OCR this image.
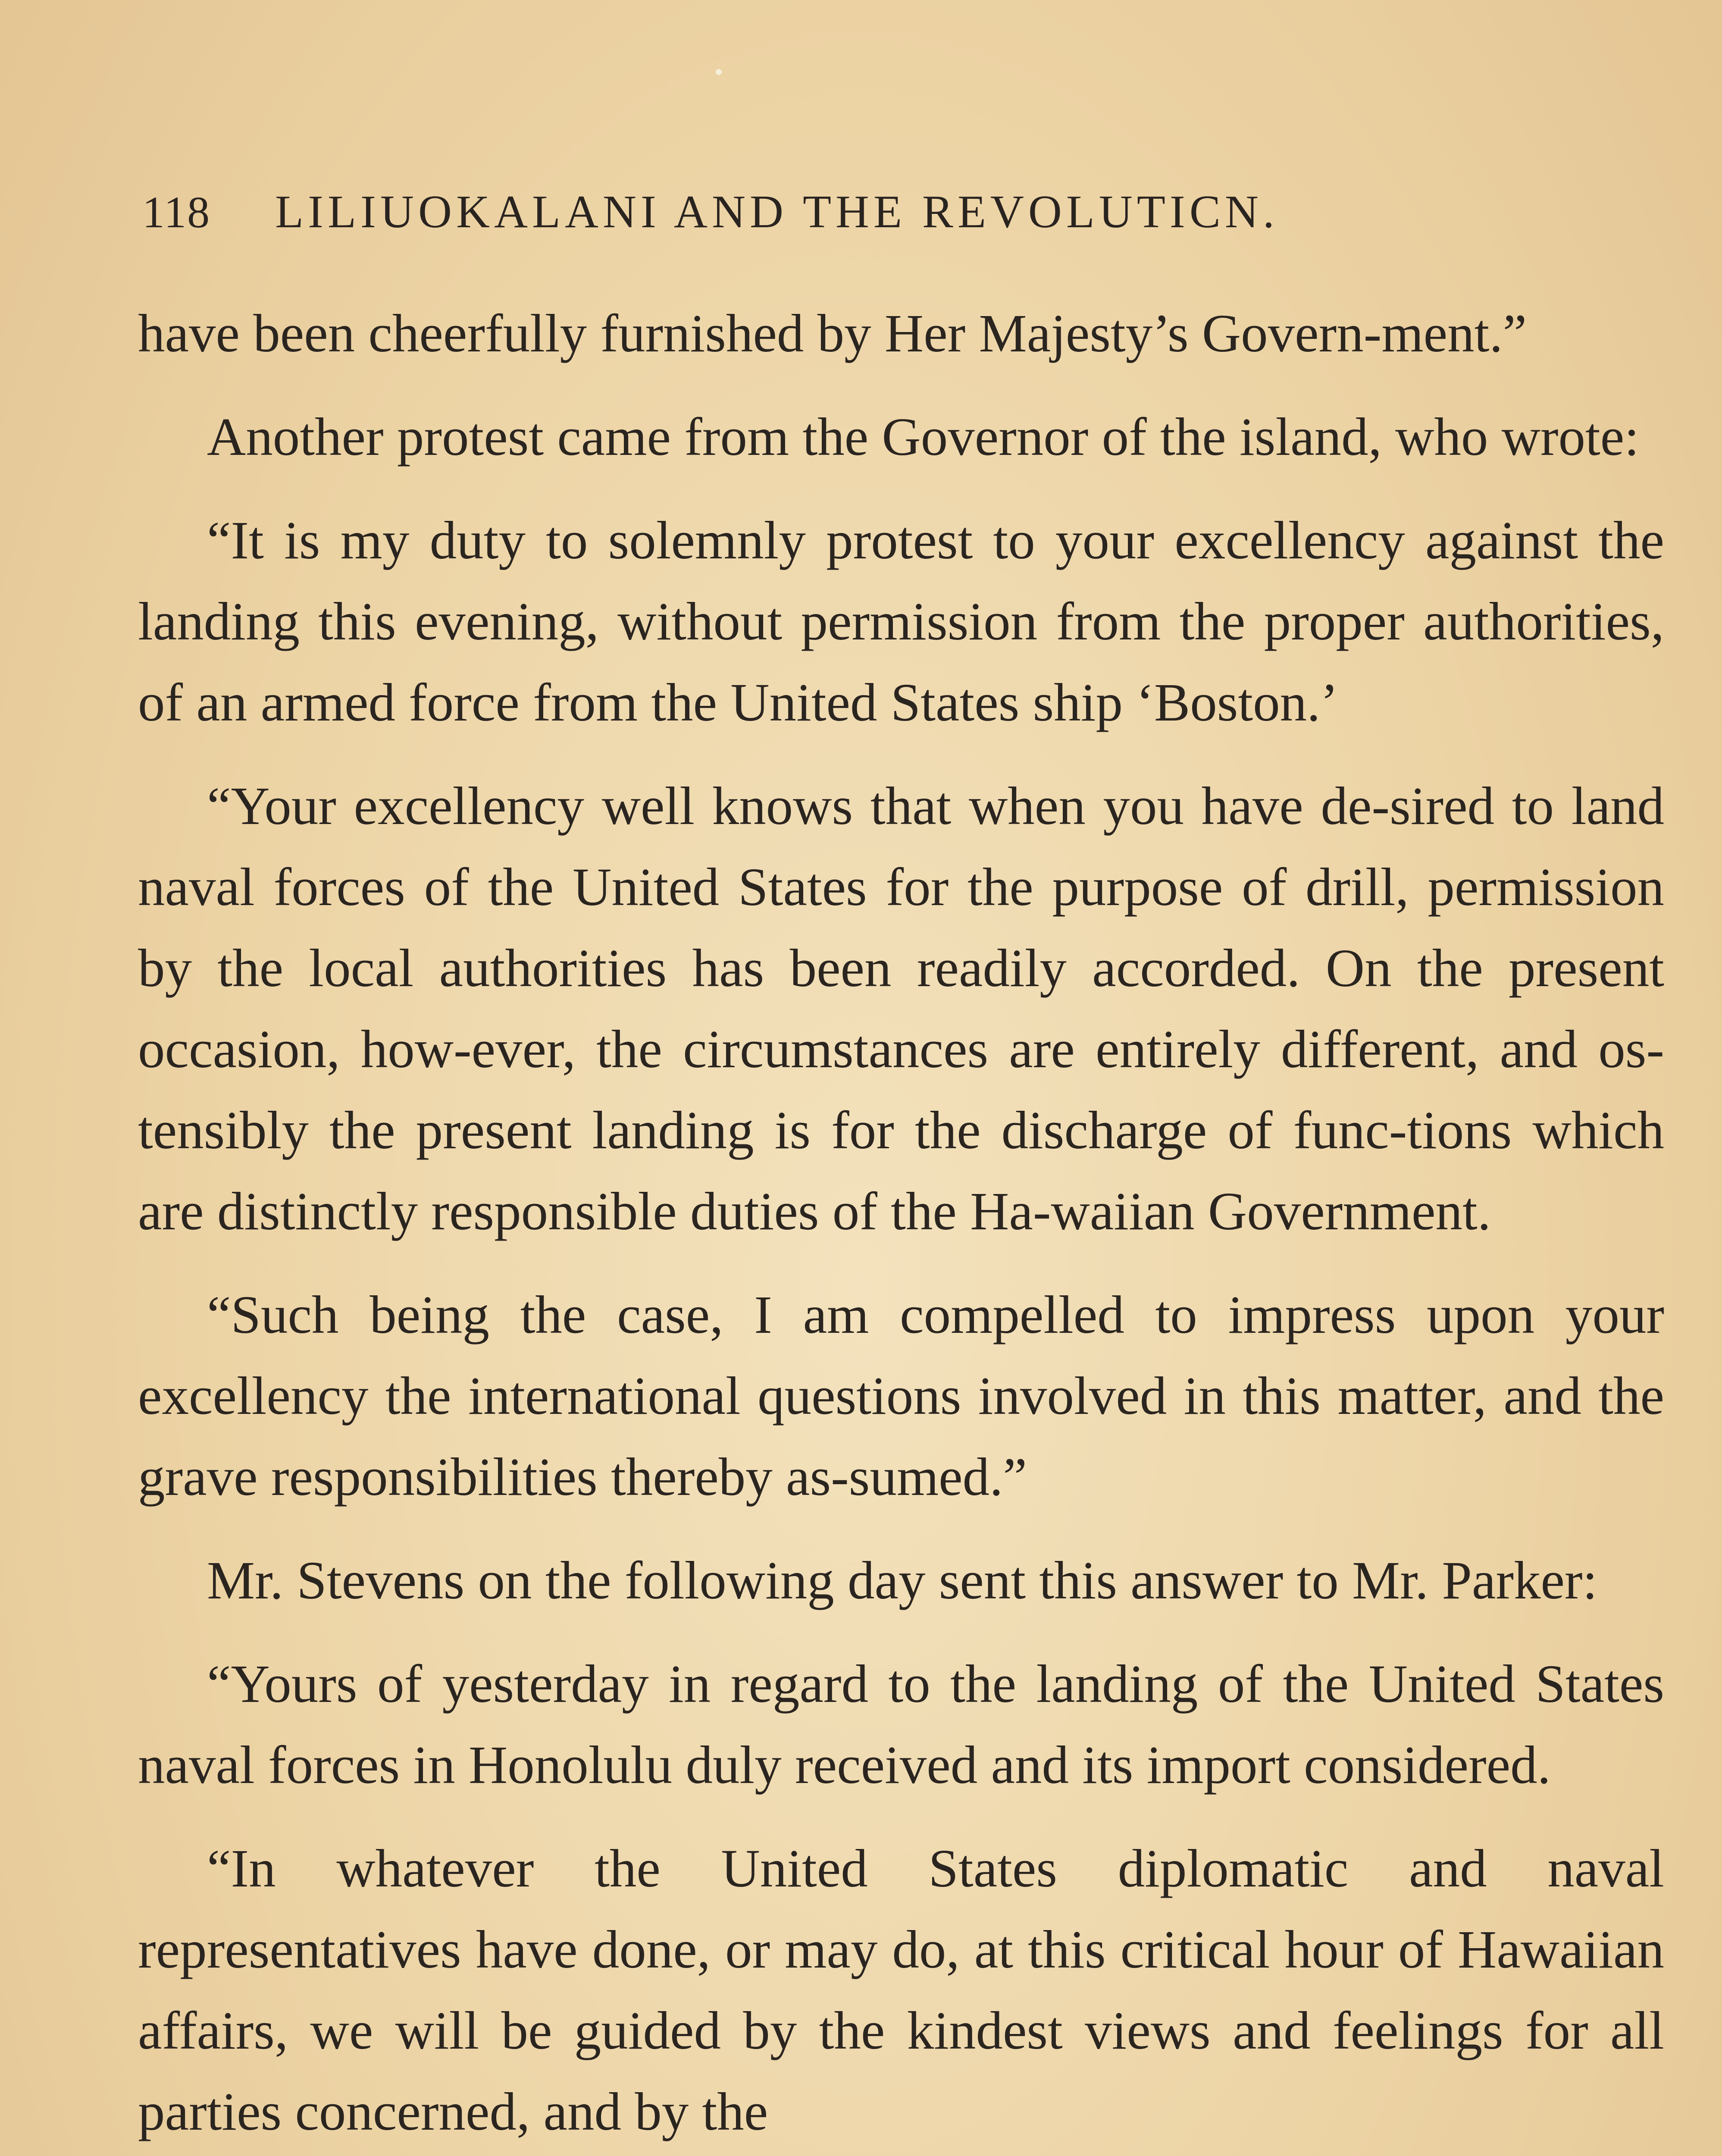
118 LILIUOKALANI AND THE REVOLUTICN.

have been cheerfully furnished by Her Majesty’s Govern-ment.”

Another protest came from the Governor of the island, who wrote:

“It is my duty to solemnly protest to your excellency against the landing this evening, without permission from the proper authorities, of an armed force from the United States ship ‘Boston.’

“Your excellency well knows that when you have de-sired to land naval forces of the United States for the purpose of drill, permission by the local authorities has been readily accorded. On the present occasion, how-ever, the circumstances are entirely different, and os-tensibly the present landing is for the discharge of func-tions which are distinctly responsible duties of the Ha-waiian Government.

“Such being the case, I am compelled to impress upon your excellency the international questions involved in this matter, and the grave responsibilities thereby as-sumed.”

Mr. Stevens on the following day sent this answer to Mr. Parker:

“Yours of yesterday in regard to the landing of the United States naval forces in Honolulu duly received and its import considered.

“In whatever the United States diplomatic and naval representatives have done, or may do, at this critical hour of Hawaiian affairs, we will be guided by the kindest views and feelings for all parties concerned, and by the
